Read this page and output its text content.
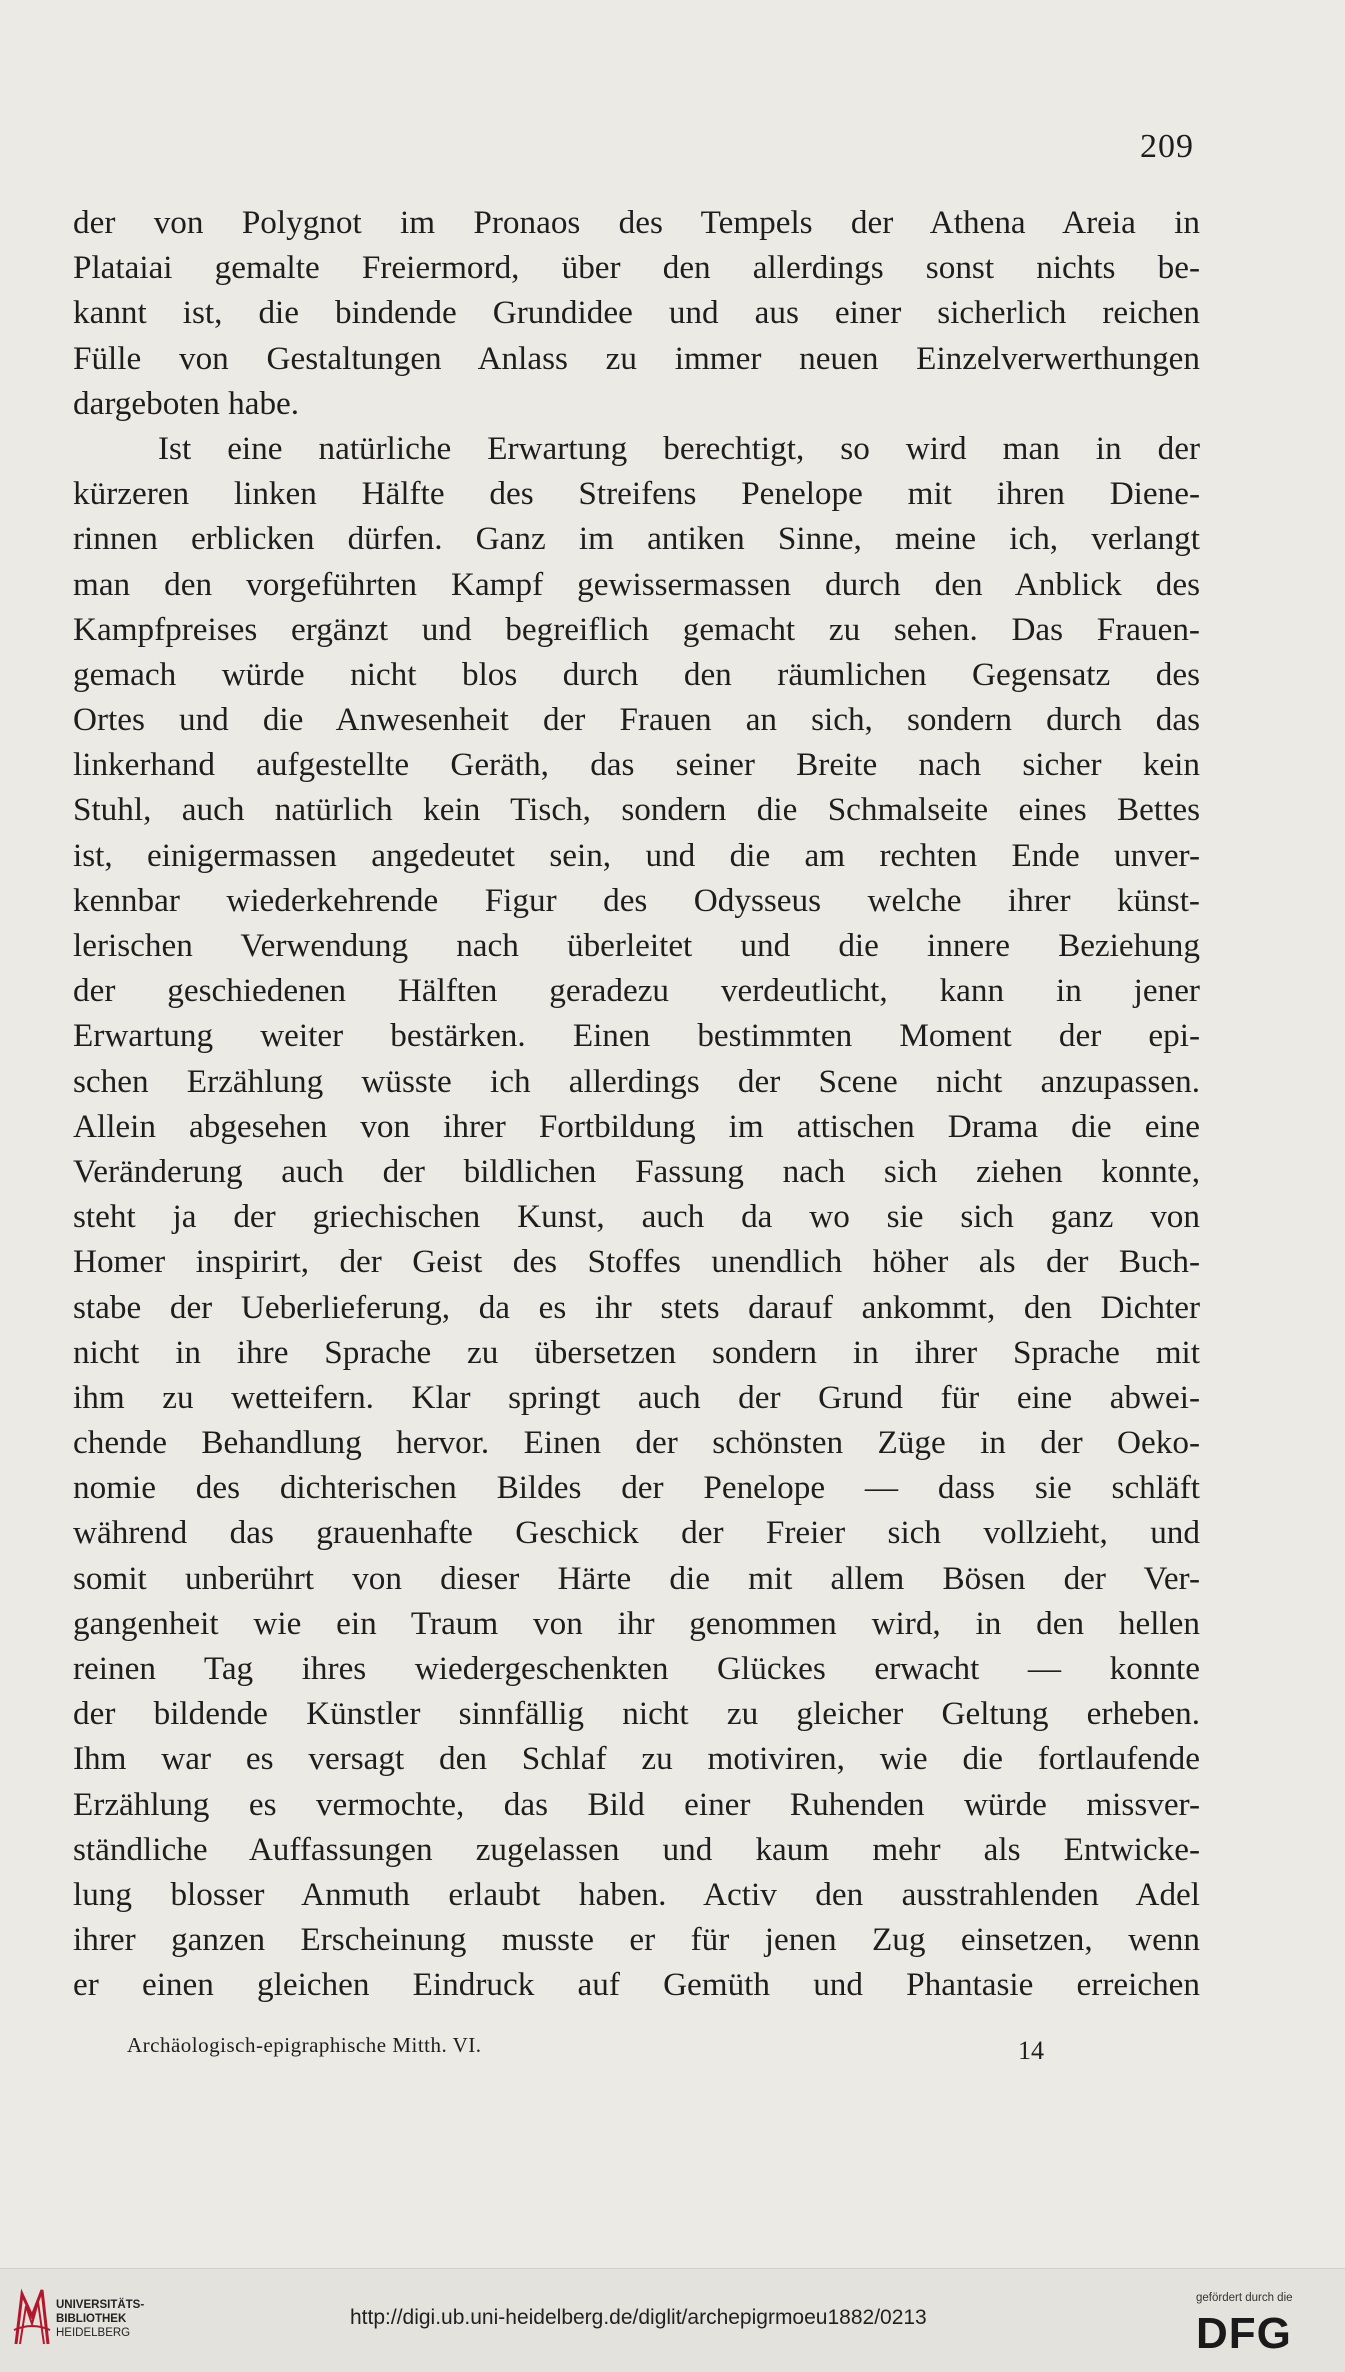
209
der von Polygnot im Pronaos des Tempels der Athena Areia in
Plataiai gemalte Freiermord, über den allerdings sonst nichts be-
kannt ist, die bindende Grundidee und aus einer sicherlich reichen
Fülle von Gestaltungen Anlass zu immer neuen Einzelverwerthungen
dargeboten habe.
Ist eine natürliche Erwartung berechtigt, so wird man in der
kürzeren linken Hälfte des Streifens Penelope mit ihren Diene-
rinnen erblicken dürfen. Ganz im antiken Sinne, meine ich, verlangt
man den vorgeführten Kampf gewissermassen durch den Anblick des
Kampfpreises ergänzt und begreiflich gemacht zu sehen. Das Frauen-
gemach würde nicht blos durch den räumlichen Gegensatz des
Ortes und die Anwesenheit der Frauen an sich, sondern durch das
linkerhand aufgestellte Geräth, das seiner Breite nach sicher kein
Stuhl, auch natürlich kein Tisch, sondern die Schmalseite eines Bettes
ist, einigermassen angedeutet sein, und die am rechten Ende unver-
kennbar wiederkehrende Figur des Odysseus welche ihrer künst-
lerischen Verwendung nach überleitet und die innere Beziehung
der geschiedenen Hälften geradezu verdeutlicht, kann in jener
Erwartung weiter bestärken. Einen bestimmten Moment der epi-
schen Erzählung wüsste ich allerdings der Scene nicht anzupassen.
Allein abgesehen von ihrer Fortbildung im attischen Drama die eine
Veränderung auch der bildlichen Fassung nach sich ziehen konnte,
steht ja der griechischen Kunst, auch da wo sie sich ganz von
Homer inspirirt, der Geist des Stoffes unendlich höher als der Buch-
stabe der Ueberlieferung, da es ihr stets darauf ankommt, den Dichter
nicht in ihre Sprache zu übersetzen sondern in ihrer Sprache mit
ihm zu wetteifern. Klar springt auch der Grund für eine abwei-
chende Behandlung hervor. Einen der schönsten Züge in der Oeko-
nomie des dichterischen Bildes der Penelope — dass sie schläft
während das grauenhafte Geschick der Freier sich vollzieht, und
somit unberührt von dieser Härte die mit allem Bösen der Ver-
gangenheit wie ein Traum von ihr genommen wird, in den hellen
reinen Tag ihres wiedergeschenkten Glückes erwacht — konnte
der bildende Künstler sinnfällig nicht zu gleicher Geltung erheben.
Ihm war es versagt den Schlaf zu motiviren, wie die fortlaufende
Erzählung es vermochte, das Bild einer Ruhenden würde missver-
ständliche Auffassungen zugelassen und kaum mehr als Entwicke-
lung blosser Anmuth erlaubt haben. Activ den ausstrahlenden Adel
ihrer ganzen Erscheinung musste er für jenen Zug einsetzen, wenn
er einen gleichen Eindruck auf Gemüth und Phantasie erreichen
Archäologisch-epigraphische Mitth. VI.	14
UNIVERSITÄTS-
BIBLIOTHEK
HEIDELBERG
http://digi.ub.uni-heidelberg.de/diglit/archepigrmoeu1882/0213
gefördert durch die
DFG
